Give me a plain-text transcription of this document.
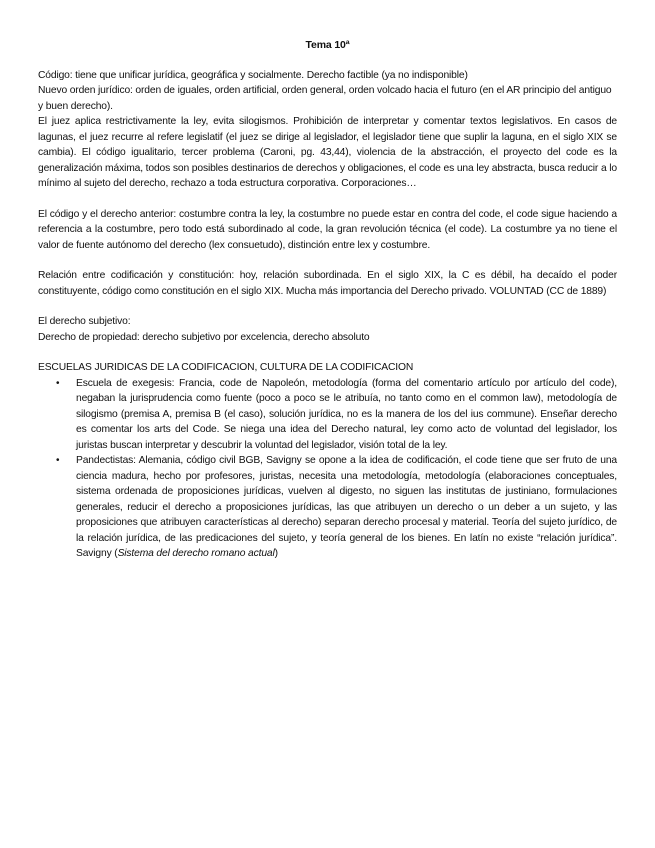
Tema 10ª

Código: tiene que unificar jurídica, geográfica y socialmente. Derecho factible (ya no indisponible)

Nuevo orden jurídico: orden de iguales, orden artificial, orden general, orden volcado hacia el futuro (en el AR principio del antiguo y buen derecho).

El juez aplica restrictivamente la ley, evita silogismos. Prohibición de interpretar y comentar textos legislativos. En casos de lagunas, el juez recurre al refere legislatif (el juez se dirige al legislador, el legislador tiene que suplir la laguna, en el siglo XIX se cambia). El código igualitario, tercer problema (Caroni, pg. 43,44), violencia de la abstracción, el proyecto del code es la generalización máxima, todos son posibles destinarios de derechos y obligaciones, el code es una ley abstracta, busca reducir a lo mínimo al sujeto del derecho, rechazo a toda estructura corporativa. Corporaciones…

El código y el derecho anterior: costumbre contra la ley, la costumbre no puede estar en contra del code, el code sigue haciendo a referencia a la costumbre, pero todo está subordinado al code, la gran revolución técnica (el code). La costumbre ya no tiene el valor de fuente autónomo del derecho (lex consuetudo), distinción entre lex y costumbre.

Relación entre codificación y constitución: hoy, relación subordinada. En el siglo XIX, la C es débil, ha decaído el poder constituyente, código como constitución en el siglo XIX. Mucha más importancia del Derecho privado. VOLUNTAD (CC de 1889)

El derecho subjetivo:

Derecho de propiedad: derecho subjetivo por excelencia, derecho absoluto

ESCUELAS JURIDICAS DE LA CODIFICACION, CULTURA DE LA CODIFICACION

• Escuela de exegesis: Francia, code de Napoleón, metodología (forma del comentario artículo por artículo del code), negaban la jurisprudencia como fuente (poco a poco se le atribuía, no tanto como en el common law), metodología de silogismo (premisa A, premisa B (el caso), solución jurídica, no es la manera de los del ius commune). Enseñar derecho es comentar los arts del Code. Se niega una idea del Derecho natural, ley como acto de voluntad del legislador, los juristas buscan interpretar y descubrir la voluntad del legislador, visión total de la ley.
• Pandectistas: Alemania, código civil BGB, Savigny se opone a la idea de codificación, el code tiene que ser fruto de una ciencia madura, hecho por profesores, juristas, necesita una metodología, metodología (elaboraciones conceptuales, sistema ordenada de proposiciones jurídicas, vuelven al digesto, no siguen las institutas de justiniano, formulaciones generales, reducir el derecho a proposiciones jurídicas, las que atribuyen un derecho o un deber a un sujeto, y las proposiciones que atribuyen características al derecho) separan derecho procesal y material. Teoría del sujeto jurídico, de la relación jurídica, de las predicaciones del sujeto, y teoría general de los bienes. En latín no existe “relación jurídica”. Savigny (Sistema del derecho romano actual)
